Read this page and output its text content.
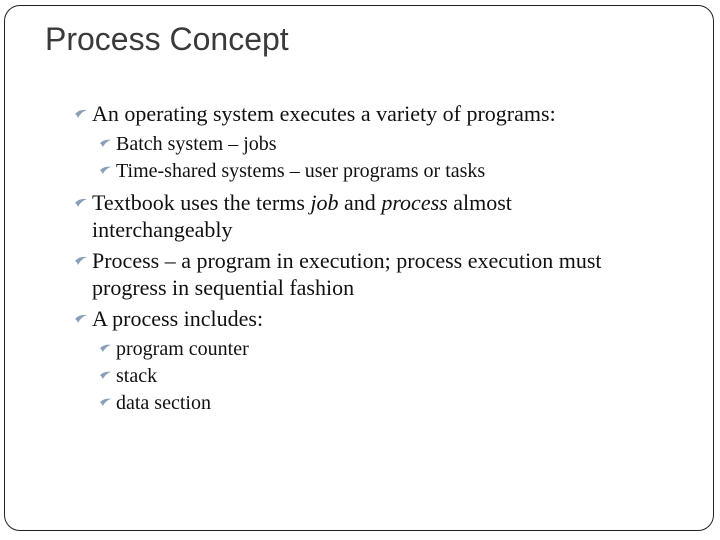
Process Concept
An operating system executes a variety of programs:
Batch system – jobs
Time-shared systems – user programs or tasks
Textbook uses the terms job and process almost interchangeably
Process – a program in execution; process execution must progress in sequential fashion
A process includes:
program counter
stack
data section
